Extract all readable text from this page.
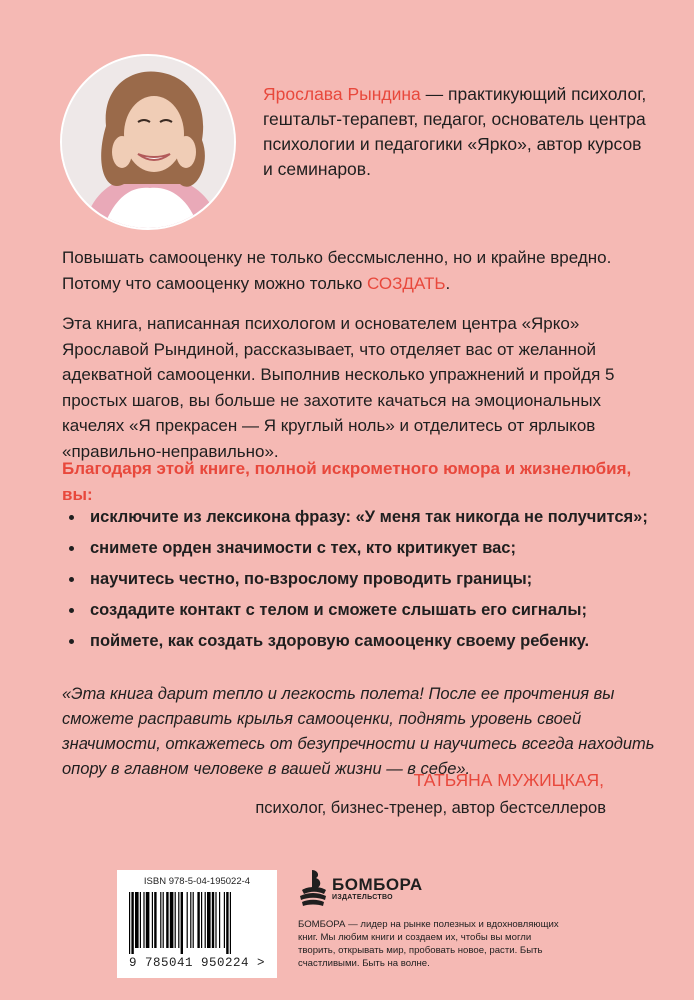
Ярослава Рындина — практикующий психолог, гештальт-терапевт, педагог, основатель центра психологии и педагогики «Ярко», автор курсов и семинаров.

Повышать самооценку не только бессмысленно, но и крайне вредно. Потому что самооценку можно только СОЗДАТЬ.

Эта книга, написанная психологом и основателем центра «Ярко» Ярославой Рындиной, рассказывает, что отделяет вас от желанной адекватной самооценки. Выполнив несколько упражнений и пройдя 5 простых шагов, вы больше не захотите качаться на эмоциональных качелях «Я прекрасен — Я круглый ноль» и отделитесь от ярлыков «правильно-неправильно».

Благодаря этой книге, полной искрометного юмора и жизнелюбия, вы:

исключите из лексикона фразу: «У меня так никогда не получится»;
снимете орден значимости с тех, кто критикует вас;
научитесь честно, по-взрослому проводить границы;
создадите контакт с телом и сможете слышать его сигналы;
поймете, как создать здоровую самооценку своему ребенку.

«Эта книга дарит тепло и легкость полета! После ее прочтения вы сможете расправить крылья самооценки, поднять уровень своей значимости, откажетесь от безупречности и научитесь всегда находить опору в главном человеке в вашей жизни — в себе».

ТАТЬЯНА МУЖИЦКАЯ,

психолог, бизнес-тренер, автор бестселлеров

ISBN 978-5-04-195022-4

9 785041 950224 >

БОМБОРА

ИЗДАТЕЛЬСТВО

БОМБОРА — лидер на рынке полезных и вдохновляющих книг. Мы любим книги и создаем их, чтобы вы могли творить, открывать мир, пробовать новое, расти. Быть счастливыми. Быть на волне.
